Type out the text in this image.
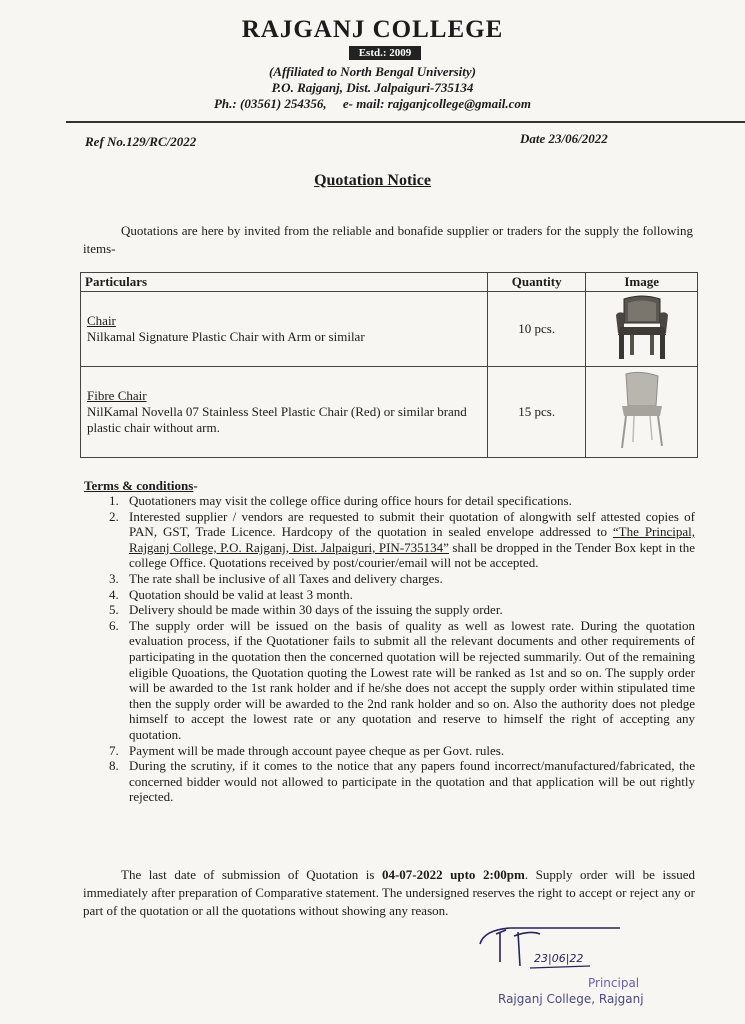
RAJGANJ COLLEGE
Estd.: 2009
(Affiliated to North Bengal University)
P.O. Rajganj, Dist. Jalpaiguri-735134
Ph.: (03561) 254356,     e- mail: rajganjcollege@gmail.com
Ref No.129/RC/2022	Date 23/06/2022
Quotation Notice
Quotations are here by invited from the reliable and bonafide supplier or traders for the supply the following items-
Particulars	Quantity	Image

Chair
Nilkamal Signature Plastic Chair with Arm or similar	10 pcs.	

Fibre Chair
NilKamal Novella 07 Stainless Steel Plastic Chair (Red) or similar brand plastic chair without arm.	15 pcs.	
Terms & conditions-
1. Quotationers may visit the college office during office hours for detail specifications.
2. Interested supplier / vendors are requested to submit their quotation of alongwith self attested copies of PAN, GST, Trade Licence. Hardcopy of the quotation in sealed envelope addressed to “The Principal, Rajganj College, P.O. Rajganj, Dist. Jalpaiguri, PIN-735134” shall be dropped in the Tender Box kept in the college Office. Quotations received by post/courier/email will not be accepted.
3. The rate shall be inclusive of all Taxes and delivery charges.
4. Quotation should be valid at least 3 month.
5. Delivery should be made within 30 days of the issuing the supply order.
6. The supply order will be issued on the basis of quality as well as lowest rate. During the quotation evaluation process, if the Quotationer fails to submit all the relevant documents and other requirements of participating in the quotation then the concerned quotation will be rejected summarily. Out of the remaining eligible Quoations, the Quotation quoting the Lowest rate will be ranked as 1st and so on. The supply order will be awarded to the 1st rank holder and if he/she does not accept the supply order within stipulated time then the supply order will be awarded to the 2nd rank holder and so on. Also the authority does not pledge himself to accept the lowest rate or any quotation and reserve to himself the right of accepting any quotation.
7. Payment will be made through account payee cheque as per Govt. rules.
8. During the scrutiny, if it comes to the notice that any papers found incorrect/manufactured/fabricated, the concerned bidder would not allowed to participate in the quotation and that application will be out rightly rejected.
The last date of submission of Quotation is 04-07-2022 upto 2:00pm. Supply order will be issued immediately after preparation of Comparative statement. The undersigned reserves the right to accept or reject any or part of the quotation or all the quotations without showing any reason.
23|06|22
Principal
Rajganj College, Rajganj
